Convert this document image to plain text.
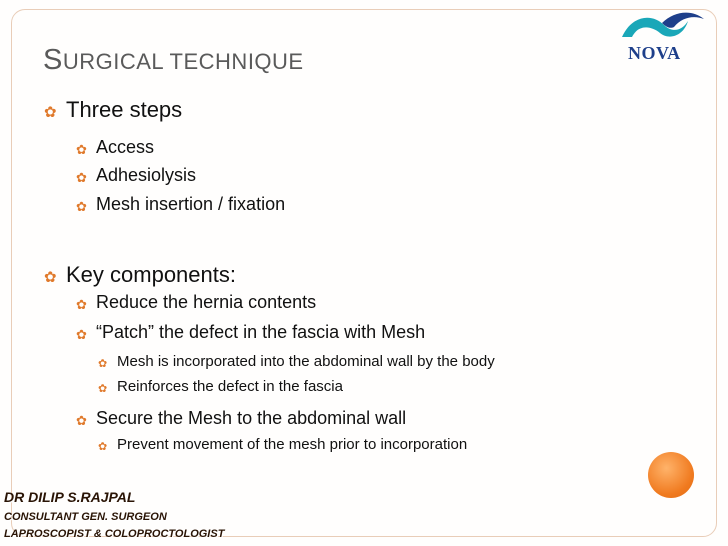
NOVA
SURGICAL TECHNIQUE
✿ Three steps
✿ Access
✿ Adhesiolysis
✿ Mesh insertion / fixation
✿ Key components:
✿ Reduce the hernia contents
✿ “Patch” the defect in the fascia with Mesh
✿ Mesh is incorporated into the abdominal wall by the body
✿ Reinforces the defect in the fascia
✿ Secure the Mesh to the abdominal wall
✿ Prevent movement of the mesh prior to incorporation
DR DILIP S.RAJPAL
CONSULTANT GEN. SURGEON
LAPROSCOPIST & COLOPROCTOLOGIST
